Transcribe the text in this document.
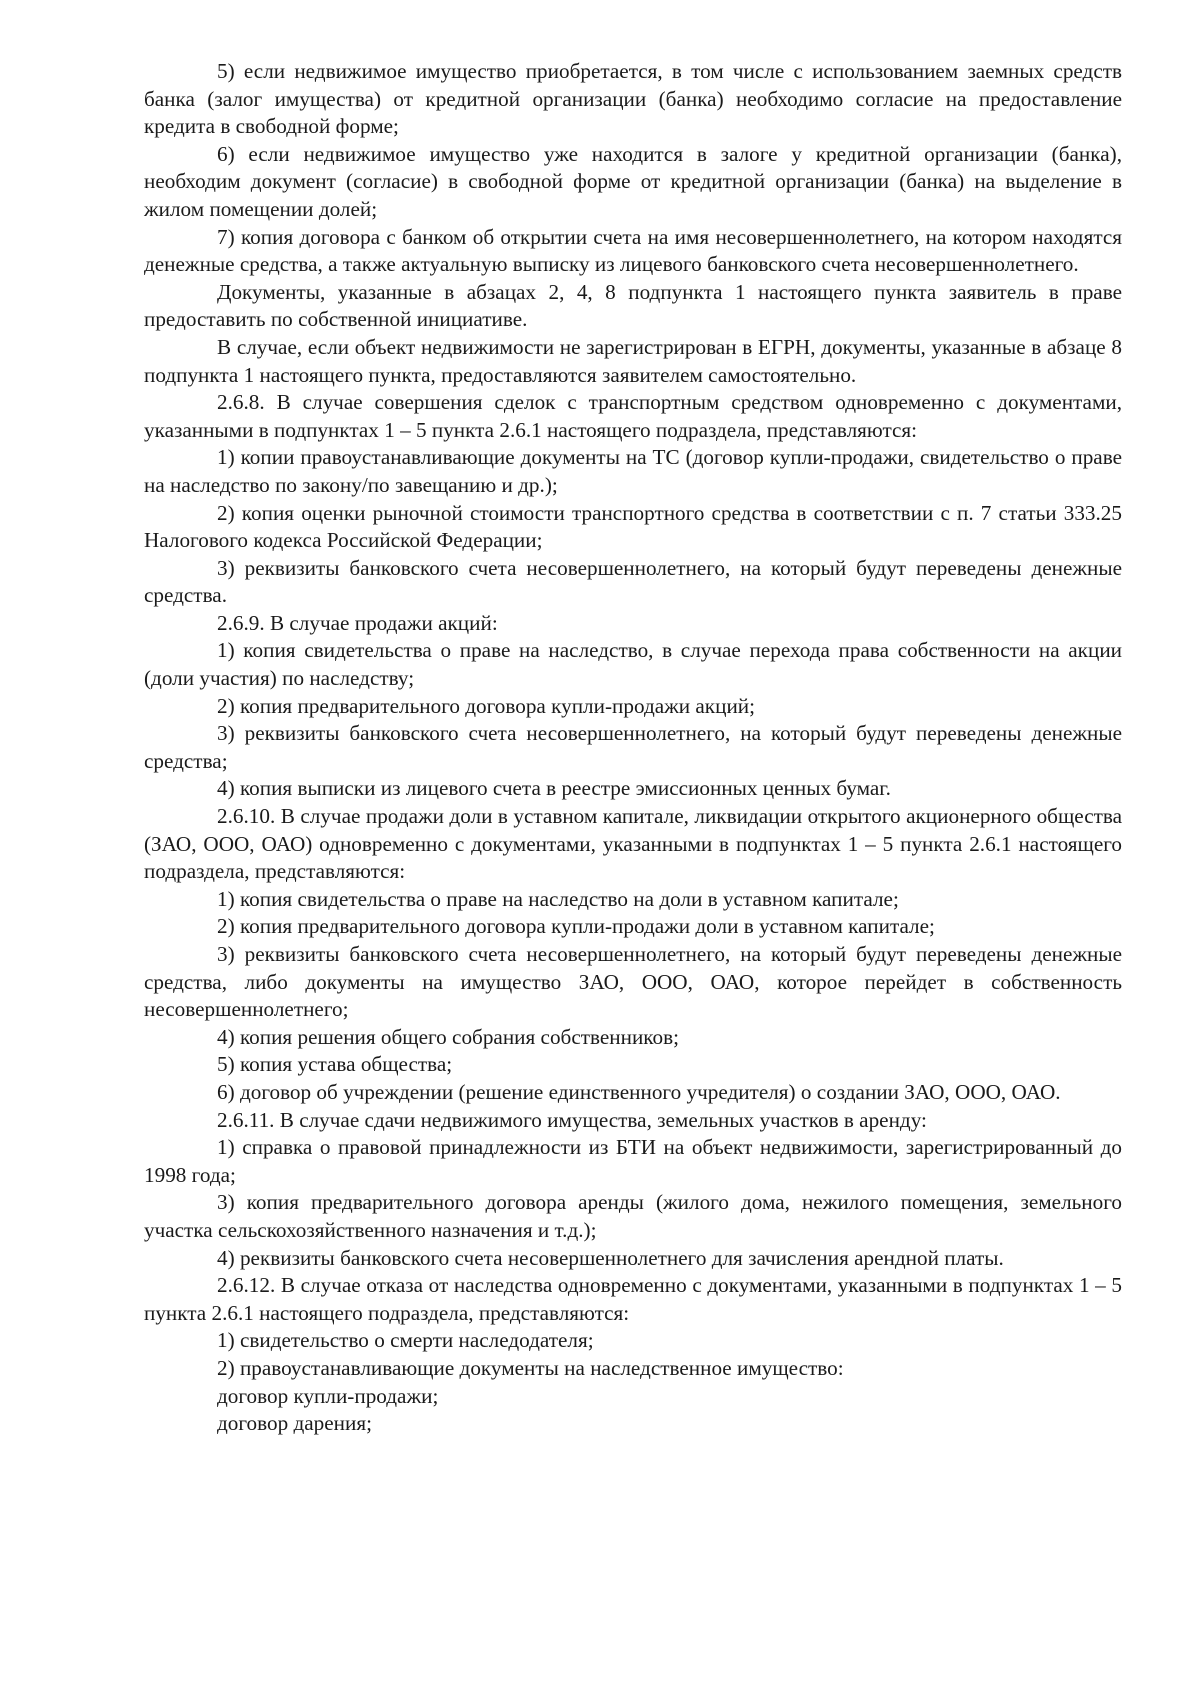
5) если недвижимое имущество приобретается, в том числе с использованием заемных средств банка (залог имущества) от кредитной организации (банка) необходимо согласие на предоставление кредита в свободной форме;

6) если недвижимое имущество уже находится в залоге у кредитной организации (банка), необходим документ (согласие) в свободной форме от кредитной организации (банка) на выделение в жилом помещении долей;

7) копия договора с банком об открытии счета на имя несовершеннолетнего, на котором находятся денежные средства, а также актуальную выписку из лицевого банковского счета несовершеннолетнего.

Документы, указанные в абзацах 2, 4, 8 подпункта 1 настоящего пункта заявитель в праве предоставить по собственной инициативе.

В случае, если объект недвижимости не зарегистрирован в ЕГРН, документы, указанные в абзаце 8 подпункта 1 настоящего пункта, предоставляются заявителем самостоятельно.

2.6.8. В случае совершения сделок с транспортным средством одновременно с документами, указанными в подпунктах 1 – 5 пункта 2.6.1 настоящего подраздела, представляются:

1) копии правоустанавливающие документы на ТС (договор купли-продажи, свидетельство о праве на наследство по закону/по завещанию и др.);

2) копия оценки рыночной стоимости транспортного средства в соответствии с п. 7 статьи 333.25 Налогового кодекса Российской Федерации;

3) реквизиты банковского счета несовершеннолетнего, на который будут переведены денежные средства.

2.6.9. В случае продажи акций:

1) копия свидетельства о праве на наследство, в случае перехода права собственности на акции (доли участия) по наследству;

2) копия предварительного договора купли-продажи акций;

3) реквизиты банковского счета несовершеннолетнего, на который будут переведены денежные средства;

4) копия выписки из лицевого счета в реестре эмиссионных ценных бумаг.

2.6.10. В случае продажи доли в уставном капитале, ликвидации открытого акционерного общества (ЗАО, ООО, ОАО) одновременно с документами, указанными в подпунктах 1 – 5 пункта 2.6.1 настоящего подраздела, представляются:

1) копия свидетельства о праве на наследство на доли в уставном капитале;

2) копия предварительного договора купли-продажи доли в уставном капитале;

3) реквизиты банковского счета несовершеннолетнего, на который будут переведены денежные средства, либо документы на имущество ЗАО, ООО, ОАО, которое перейдет в собственность несовершеннолетнего;

4) копия решения общего собрания собственников;

5) копия устава общества;

6) договор об учреждении (решение единственного учредителя) о создании ЗАО, ООО, ОАО.

2.6.11. В случае сдачи недвижимого имущества, земельных участков в аренду:

1) справка о правовой принадлежности из БТИ на объект недвижимости, зарегистрированный до 1998 года;

3) копия предварительного договора аренды (жилого дома, нежилого помещения, земельного участка сельскохозяйственного назначения и т.д.);

4) реквизиты банковского счета несовершеннолетнего для зачисления арендной платы.

2.6.12. В случае отказа от наследства одновременно с документами, указанными в подпунктах 1 – 5 пункта 2.6.1 настоящего подраздела, представляются:

1) свидетельство о смерти наследодателя;

2) правоустанавливающие документы на наследственное имущество:

договор купли-продажи;

договор дарения;
